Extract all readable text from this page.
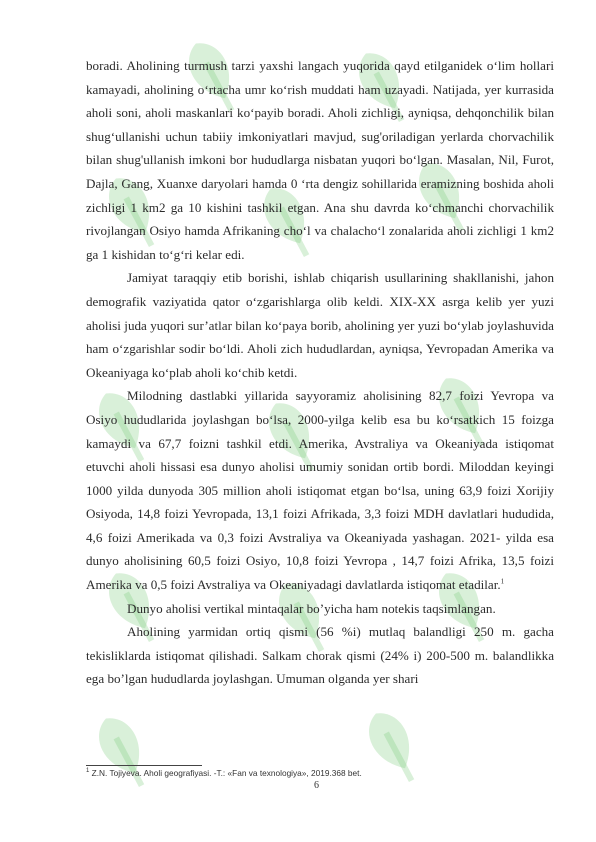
boradi. Aholining turmush tarzi yaxshi langach yuqorida qayd etilganidek o‘lim hollari kamayadi, aholining o‘rtacha umr ko‘rish muddati ham uzayadi. Natijada, yer kurrasida aholi soni, aholi maskanlari ko‘payib boradi. Aholi zichligi, ayniqsa, dehqonchilik bilan shug‘ullanishi uchun tabiiy imkoniyatlari mavjud, sug'oriladigan yerlarda chorvachilik bilan shug'ullanish imkoni bor hududlarga nisbatan yuqori bo‘lgan. Masalan, Nil, Furot, Dajla, Gang, Xuanxe daryolari hamda 0 ‘rta dengiz sohillarida eramizning boshida aholi zichligi 1 km2 ga 10 kishini tashkil etgan. Ana shu davrda ko‘chmanchi chorvachilik rivojlangan Osiyo hamda Afrikaning cho‘l va chalacho‘l zonalarida aholi zichligi 1 km2 ga 1 kishidan to‘g‘ri kelar edi.

Jamiyat taraqqiy etib borishi, ishlab chiqarish usullarining shakllanishi, jahon demografik vaziyatida qator o‘zgarishlarga olib keldi. XIX-XX asrga kelib yer yuzi aholisi juda yuqori sur’atlar bilan ko‘paya borib, aholining yer yuzi bo‘ylab joylashuvida ham o‘zgarishlar sodir bo‘ldi. Aholi zich hududlardan, ayniqsa, Yevropadan Amerika va Okeaniyaga ko‘plab aholi ko‘chib ketdi.

Milodning dastlabki yillarida sayyoramiz aholisining 82,7 foizi Yevropa va Osiyo hududlarida joylashgan bo‘lsa, 2000-yilga kelib esa bu ko‘rsatkich 15 foizga kamaydi va 67,7 foizni tashkil etdi. Amerika, Avstraliya va Okeaniyada istiqomat etuvchi aholi hissasi esa dunyo aholisi umumiy sonidan ortib bordi. Miloddan keyingi 1000 yilda dunyoda 305 million aholi istiqomat etgan bo‘lsa, uning 63,9 foizi Xorijiy Osiyoda, 14,8 foizi Yevropada, 13,1 foizi Afrikada, 3,3 foizi MDH davlatlari hududida, 4,6 foizi Amerikada va 0,3 foizi Avstraliya va Okeaniyada yashagan. 2021- yilda esa dunyo aholisining 60,5 foizi Osiyo, 10,8 foizi Yevropa , 14,7 foizi Afrika, 13,5 foizi Amerika va 0,5 foizi Avstraliya va Okeaniyadagi davlatlarda istiqomat etadilar.$^1$

Dunyo aholisi vertikal mintaqalar bo’yicha ham notekis taqsimlangan.

Aholining yarmidan ortiq qismi (56 %i) mutlaq balandligi 250 m. gacha tekisliklarda istiqomat qilishadi. Salkam chorak qismi (24% i) 200-500 m. balandlikka ega bo’lgan hududlarda joylashgan. Umuman olganda yer shari

$^1$ Z.N. Tojiyeva. Aholi geografiyasi. -T.: «Fan va texnologiya», 2019.368 bet.
6
